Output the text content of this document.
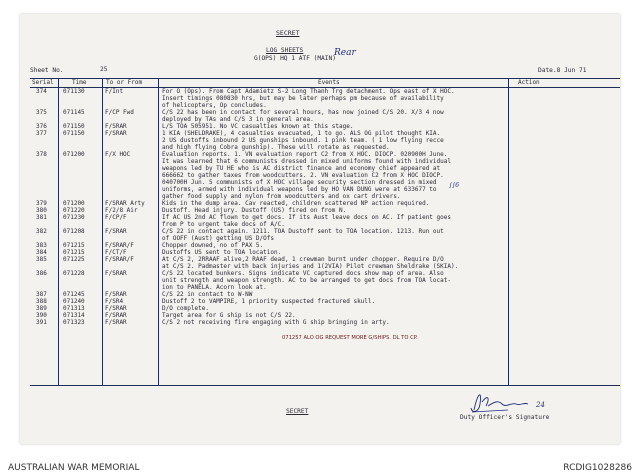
SECRET
LOG SHEETS
G(OPS) HQ 1 ATF (MAIN)
Rear
Sheet No.	25	Date.8 Jun 71
Serial	Time	To or From	Events	Action
374	071130	F/Int	For O (Ops). From Capt Adamietz S-2 Long Thanh Trg detachment. Ops east of X HOC.
Insert timings 080830 hrs, but may be later perhaps pm because of availability
of helicopters, Op concludes.
375	071145	F/CP Fwd	C/S 22 has been in contact for several hours, has now joined C/S 20. X/3 4 now
deployed by TAs and C/S 3 in general area.
376	071150	F/SRAR	L/S TOA 505951. No VC casualties known at this stage.
377	071150	F/SRAR	1 KIA (SHELDRAKE), 4 casualties evacuated, 1 to go. ALS OG pilot thought KIA.
2 US dustoffs inbound 2 US gunships inbound. 1 pink team. ( 1 low flying recce
and high flying Cobra gunship). These will rotate as requested.
378	071200	F/X HOC	Evaluation reports. 1. VN evaluation report C2 from X HOC. DIOCP. 020900H June.
It was learned that 6 communists dressed in mixed uniforms found with individual
weapons led by TU HE who is AC district finance and economy chief appeared at
666662 to gather taxes from woodcutters. 2. VN evaluation C2 from X HOC DIOCP.
040700H Jun. 5 communists of X HOC village security section dressed in mixed
uniforms, armed with individual weapons led by HO VAN DUNG were at 633677 to
gather food supply and nylon from woodcutters and ox cart drivers.
379	071200	F/SRAR Arty	Kids in the dump area. Cav reacted, children scattered NP action required.
380	071220	F/2/8 Air	Dustoff. Head injury. Dustoff (US) fired on from N.
381	071230	F/CP/F	If AC US 2nd AC flown to get docs. If its Aust leave docs on AC. If patient goes
from P to urgent take docs of A/C.
382	071208	F/SRAR	C/S 22 in contact again. 1211. TOA Dustoff sent to TOA location. 1213. Run out
of OOFF (Aust) getting US D/Ofs
383	071215	F/SRAR/F	Chopper downed, no of PAX 5.
384	071215	F/CT/F	Dustoffs US sent to TOA location.
385	071225	F/SRAR/F	At C/S 2, 2RRAAF alive,2 RAAF dead, 1 crewman burnt under chopper. Require D/O
at C/S 2. Padmaster with back injuries and 1(2VIA) Pilot crewman Sheldrake (SKIA).
386	071228	F/SRAR	C/S 22 located bunkers. Signs indicate VC captured docs show map of area. Also
unit strength and weapon strength. AC to be arranged to get docs from TOA locat-
ion to PANELA. Acorn look at.
387	071245	F/SRAR	C/S 22 in contact to W-NW
388	071240	F/SR4	Dustoff 2 to VAMPIRE, 1 priority suspected fractured skull.
389	071313	F/SRAR	D/O complete.
390	071314	F/SRAR	Target area for G ship is not C/S 22.
391	071323	F/SRAR	C/S 2 not receiving fire engaging with G ship bringing in arty.
∫∫6
071257 ALO OG REQUEST MORE G/SHIPS. DL TO CP.
SECRET
24
Duty Officer's Signature
AUSTRALIAN WAR MEMORIAL	RCDIG1028286
